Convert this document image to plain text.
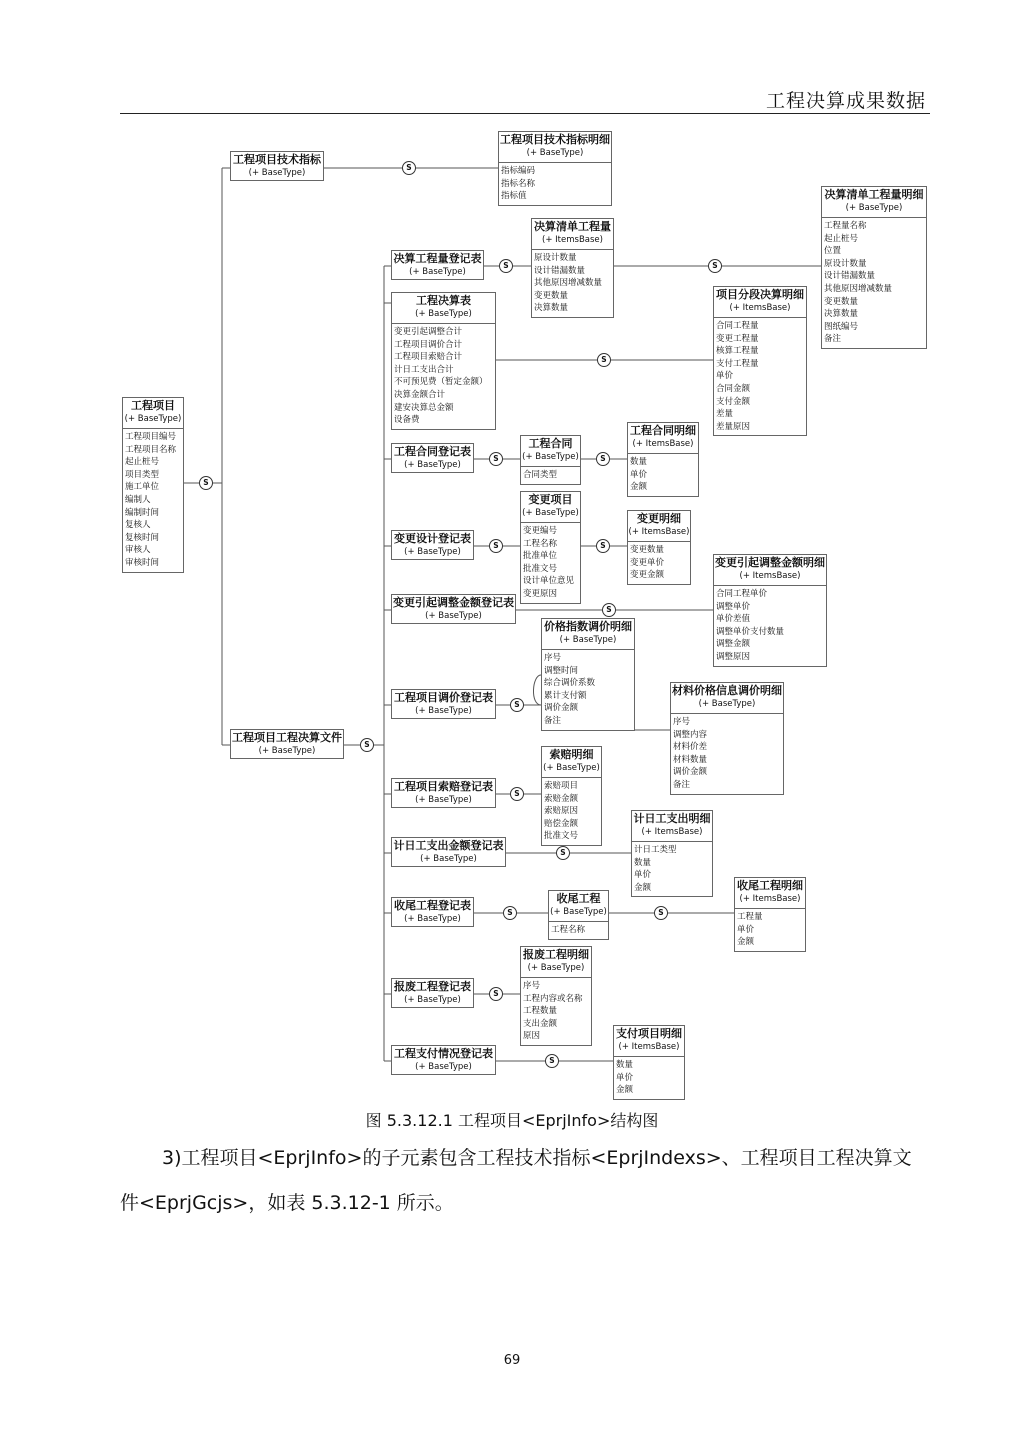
工程决算成果数据
S
S
S
S	S
S
S	S
S	S
S
S
S
S
S	S
S
S
工程项目
(+ BaseType)
工程项目编号
工程项目名称
起止桩号
项目类型
施工单位
编制人
编制时间
复核人
复核时间
审核人
审核时间
工程项目技术指标
(+ BaseType)
工程项目技术指标明细
(+ BaseType)
指标编码
指标名称
指标值
工程项目工程决算文件
(+ BaseType)
决算工程量登记表
(+ BaseType)
决算清单工程量
(+ ItemsBase)
原设计数量
设计错漏数量
其他原因增减数量
变更数量
决算数量
决算清单工程量明细
(+ BaseType)
工程量名称
起止桩号
位置
原设计数量
设计错漏数量
其他原因增减数量
变更数量
决算数量
图纸编号
备注
工程决算表
(+ BaseType)
变更引起调整合计
工程项目调价合计
工程项目索赔合计
计日工支出合计
不可预见费（暂定金额）
决算金额合计
建安决算总金额
设备费
项目分段决算明细
(+ ItemsBase)
合同工程量
变更工程量
核算工程量
支付工程量
单价
合同金额
支付金额
差量
差量原因
工程合同登记表
(+ BaseType)
工程合同
(+ BaseType)
合同类型
工程合同明细
(+ ItemsBase)
数量
单价
金额
变更设计登记表
(+ BaseType)
变更项目
(+ BaseType)
变更编号
工程名称
批准单位
批准文号
设计单位意见
变更原因
变更明细
(+ ItemsBase)
变更数量
变更单价
变更金额
变更引起调整金额登记表
(+ BaseType)
变更引起调整金额明细
(+ ItemsBase)
合同工程单价
调整单价
单价差值
调整单价支付数量
调整金额
调整原因
价格指数调价明细
(+ BaseType)
序号
调整时间
综合调价系数
累计支付额
调价金额
备注
工程项目调价登记表
(+ BaseType)
材料价格信息调价明细
(+ BaseType)
序号
调整内容
材料价差
材料数量
调价金额
备注
索赔明细
(+ BaseType)
索赔项目
索赔金额
索赔原因
赔偿金额
批准文号
工程项目索赔登记表
(+ BaseType)
计日工支出金额登记表
(+ BaseType)
计日工支出明细
(+ ItemsBase)
计日工类型
数量
单价
金额
收尾工程登记表
(+ BaseType)
收尾工程
(+ BaseType)
工程名称
收尾工程明细
(+ ItemsBase)
工程量
单价
金额
报废工程登记表
(+ BaseType)
报废工程明细
(+ BaseType)
序号
工程内容或名称
工程数量
支出金额
原因
工程支付情况登记表
(+ BaseType)
支付项目明细
(+ ItemsBase)
数量
单价
金额
图 5.3.12.1 工程项目<EprjInfo>结构图
3)工程项目<EprjInfo>的子元素包含工程技术指标<EprjIndexs>、工程项目工程决算文件<EprjGcjs>，如表 5.3.12-1 所示。
69
